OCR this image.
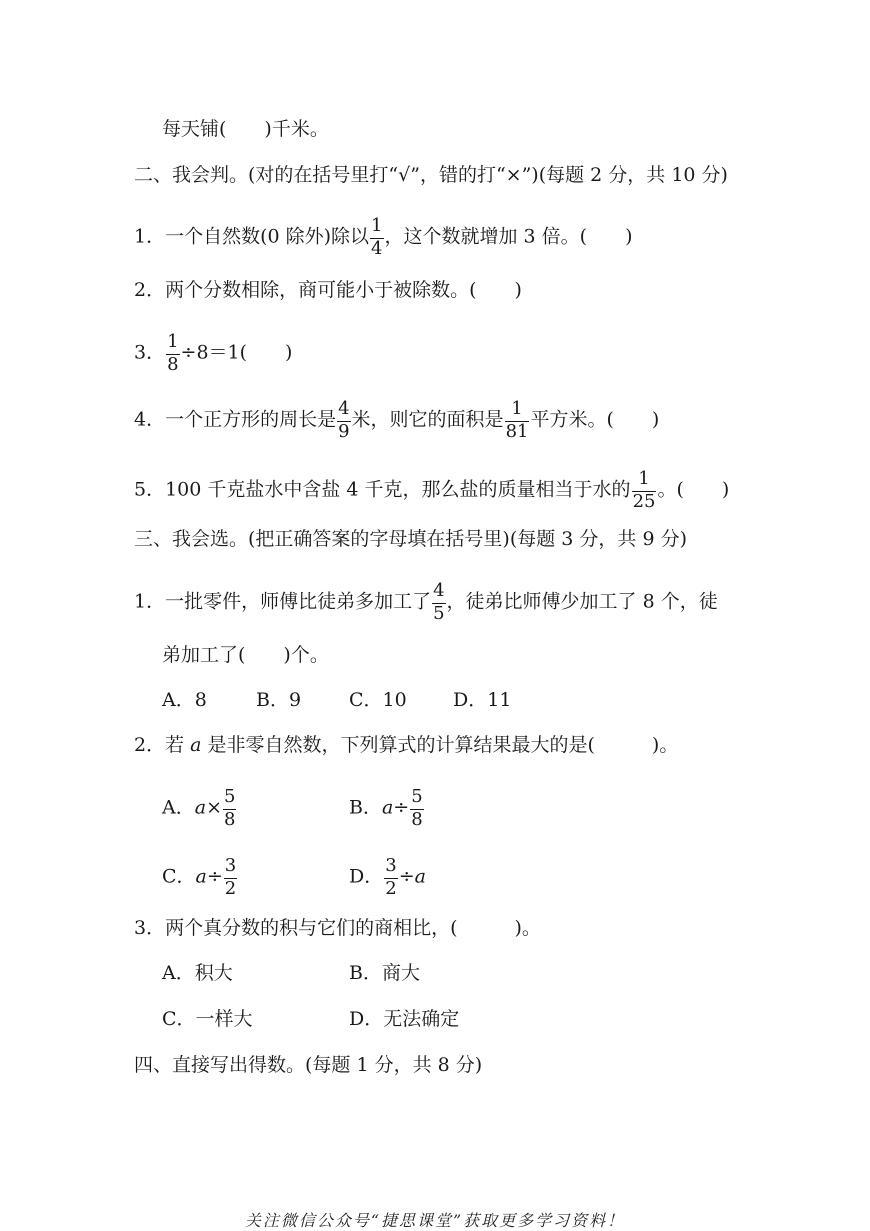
每天铺(　　)千米。
二、我会判。(对的在括号里打“√”，错的打“×”)(每题 2 分，共 10 分)
1．一个自然数(0 除外)除以 $\frac{1}{4}$ ，这个数就增加 3 倍。(　　)
2．两个分数相除，商可能小于被除数。(　　)
3． $\frac{1}{8} \div 8=1$(　　)
4．一个正方形的周长是 $\frac{4}{9}$ 米，则它的面积是 $\frac{1}{81}$ 平方米。(　　)
5．100 千克盐水中含盐 4 千克，那么盐的质量相当于水的 $\frac{1}{25}$ 。(　　)
三、我会选。(把正确答案的字母填在括号里)(每题 3 分，共 9 分)
1．一批零件，师傅比徒弟多加工了 $\frac{4}{5}$ ，徒弟比师傅少加工了 8 个，徒
弟加工了(　　)个。
A．8	B．9	C．10 D．11
2．若 a 是非零自然数，下列算式的计算结果最大的是(　　　)。
A．$a\times \frac{5}{8}$	B．$a\div \frac{5}{8}$
C．$a\div \frac{3}{2}$	D． $\frac{3}{2} \div a$
3．两个真分数的积与它们的商相比，(　　　)。
A．积大	B．商大
C．一样大	D．无法确定
四、直接写出得数。(每题 1 分，共 8 分)
关注微信公众号“捷思课堂”获取更多学习资料！
